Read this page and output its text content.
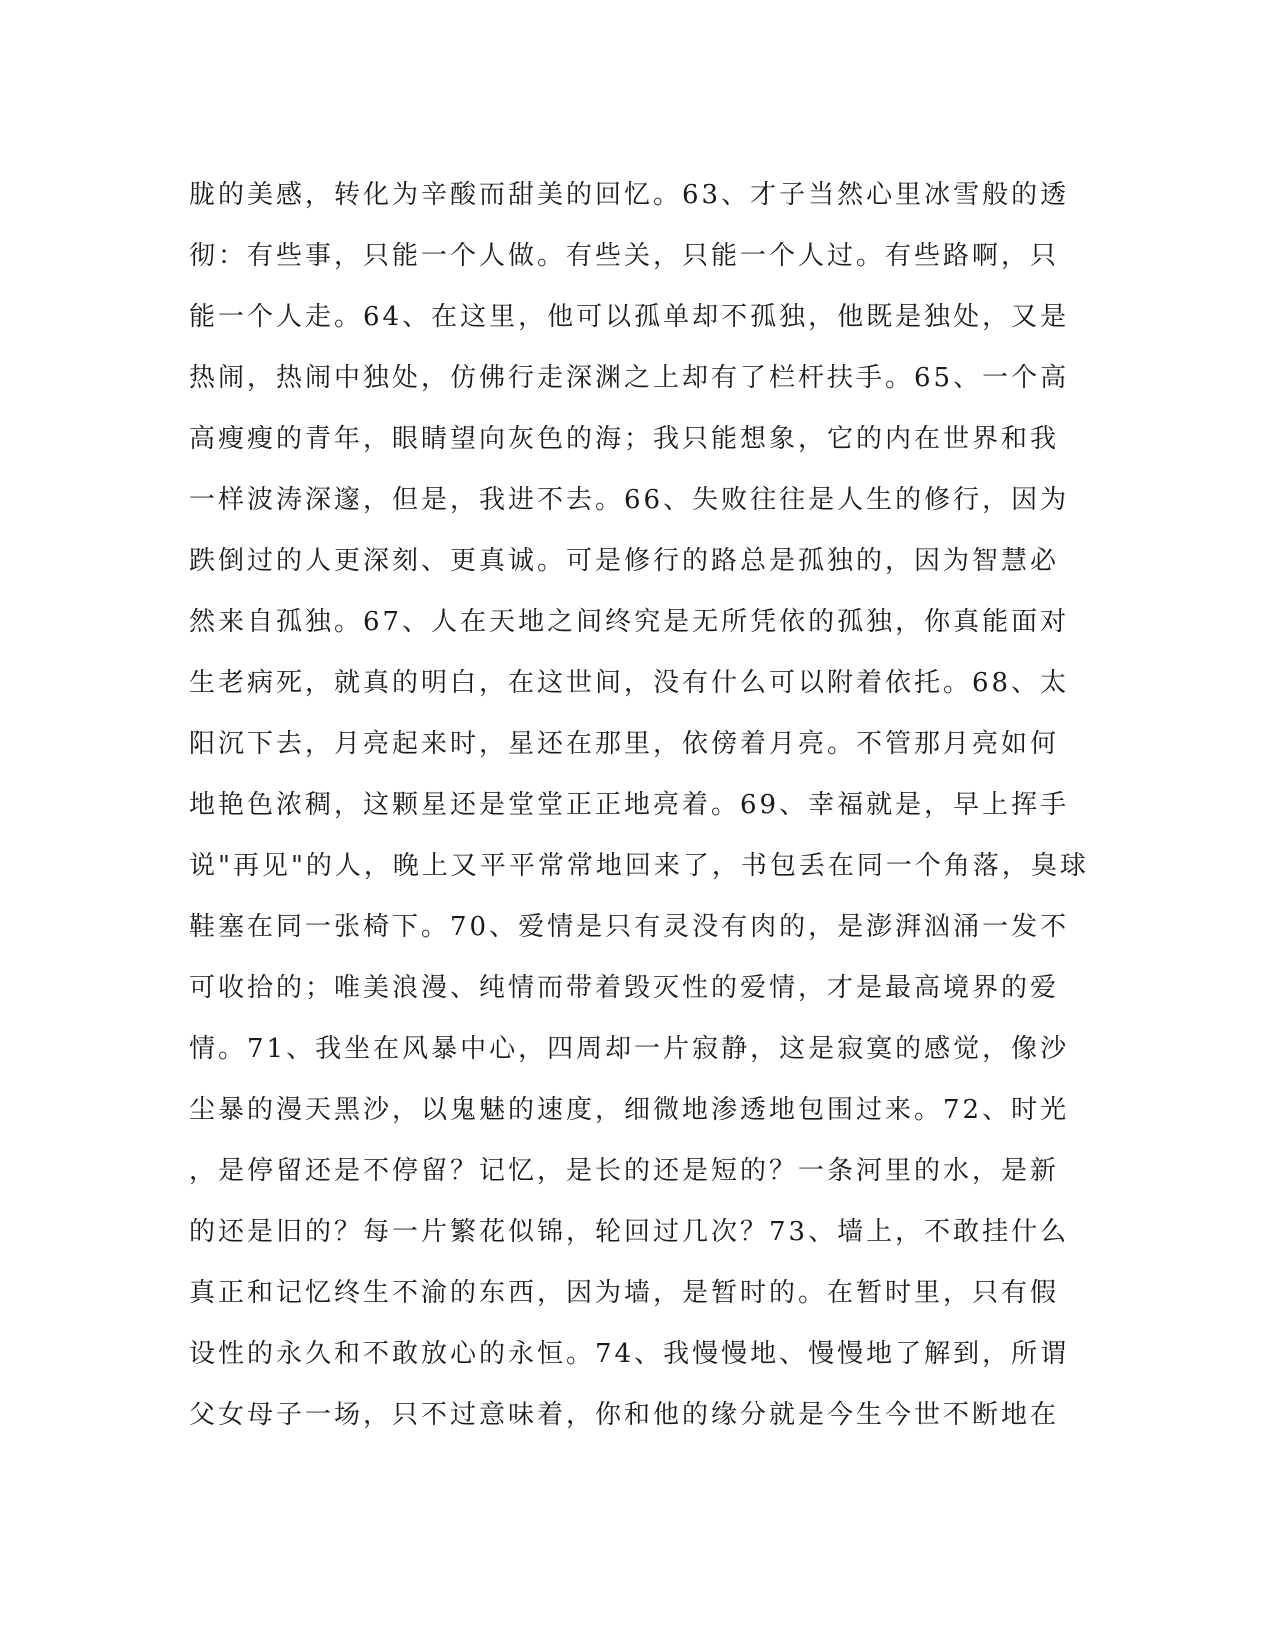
胧的美感，转化为辛酸而甜美的回忆。63、才子当然心里冰雪般的透
彻：有些事，只能一个人做。有些关，只能一个人过。有些路啊，只
能一个人走。64、在这里，他可以孤单却不孤独，他既是独处，又是
热闹，热闹中独处，仿佛行走深渊之上却有了栏杆扶手。65、一个高
高瘦瘦的青年，眼睛望向灰色的海；我只能想象，它的内在世界和我
一样波涛深邃，但是，我进不去。66、失败往往是人生的修行，因为
跌倒过的人更深刻、更真诚。可是修行的路总是孤独的，因为智慧必
然来自孤独。67、人在天地之间终究是无所凭依的孤独，你真能面对
生老病死，就真的明白，在这世间，没有什么可以附着依托。68、太
阳沉下去，月亮起来时，星还在那里，依傍着月亮。不管那月亮如何
地艳色浓稠，这颗星还是堂堂正正地亮着。69、幸福就是，早上挥手
说"再见"的人，晚上又平平常常地回来了，书包丢在同一个角落，臭球
鞋塞在同一张椅下。70、爱情是只有灵没有肉的，是澎湃汹涌一发不
可收拾的；唯美浪漫、纯情而带着毁灭性的爱情，才是最高境界的爱
情。71、我坐在风暴中心，四周却一片寂静，这是寂寞的感觉，像沙
尘暴的漫天黑沙，以鬼魅的速度，细微地渗透地包围过来。72、时光
，是停留还是不停留？记忆，是长的还是短的？一条河里的水，是新
的还是旧的？每一片繁花似锦，轮回过几次？73、墙上，不敢挂什么
真正和记忆终生不渝的东西，因为墙，是暂时的。在暂时里，只有假
设性的永久和不敢放心的永恒。74、我慢慢地、慢慢地了解到，所谓
父女母子一场，只不过意味着，你和他的缘分就是今生今世不断地在
